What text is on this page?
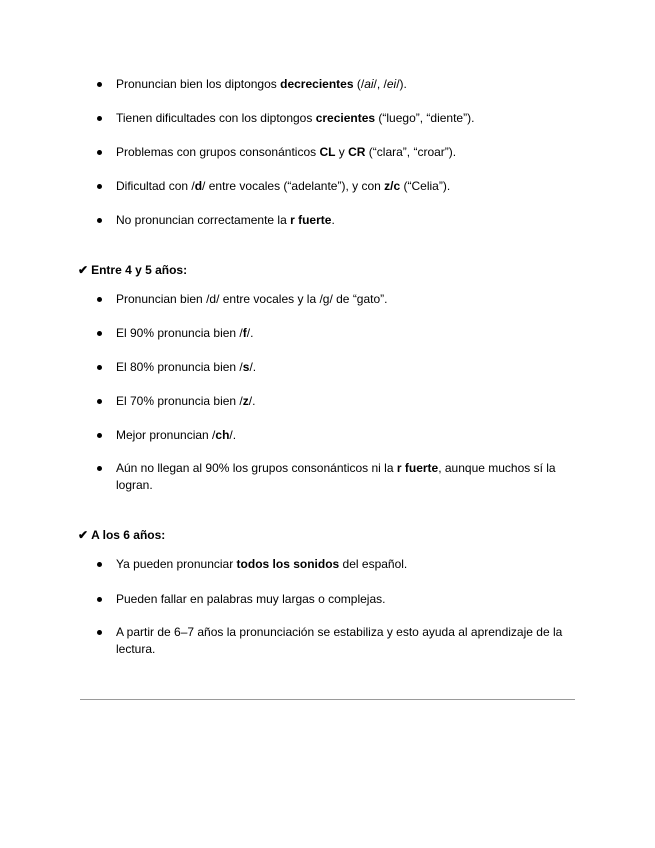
Pronuncian bien los diptongos decrecientes (/ai/, /ei/).
Tienen dificultades con los diptongos crecientes (“luego”, “diente”).
Problemas con grupos consonánticos CL y CR (“clara”, “croar”).
Dificultad con /d/ entre vocales (“adelante”), y con z/c (“Celia”).
No pronuncian correctamente la r fuerte.
✔ Entre 4 y 5 años:
Pronuncian bien /d/ entre vocales y la /g/ de “gato”.
El 90% pronuncia bien /f/.
El 80% pronuncia bien /s/.
El 70% pronuncia bien /z/.
Mejor pronuncian /ch/.
Aún no llegan al 90% los grupos consonánticos ni la r fuerte, aunque muchos sí la logran.
✔ A los 6 años:
Ya pueden pronunciar todos los sonidos del español.
Pueden fallar en palabras muy largas o complejas.
A partir de 6–7 años la pronunciación se estabiliza y esto ayuda al aprendizaje de la lectura.
